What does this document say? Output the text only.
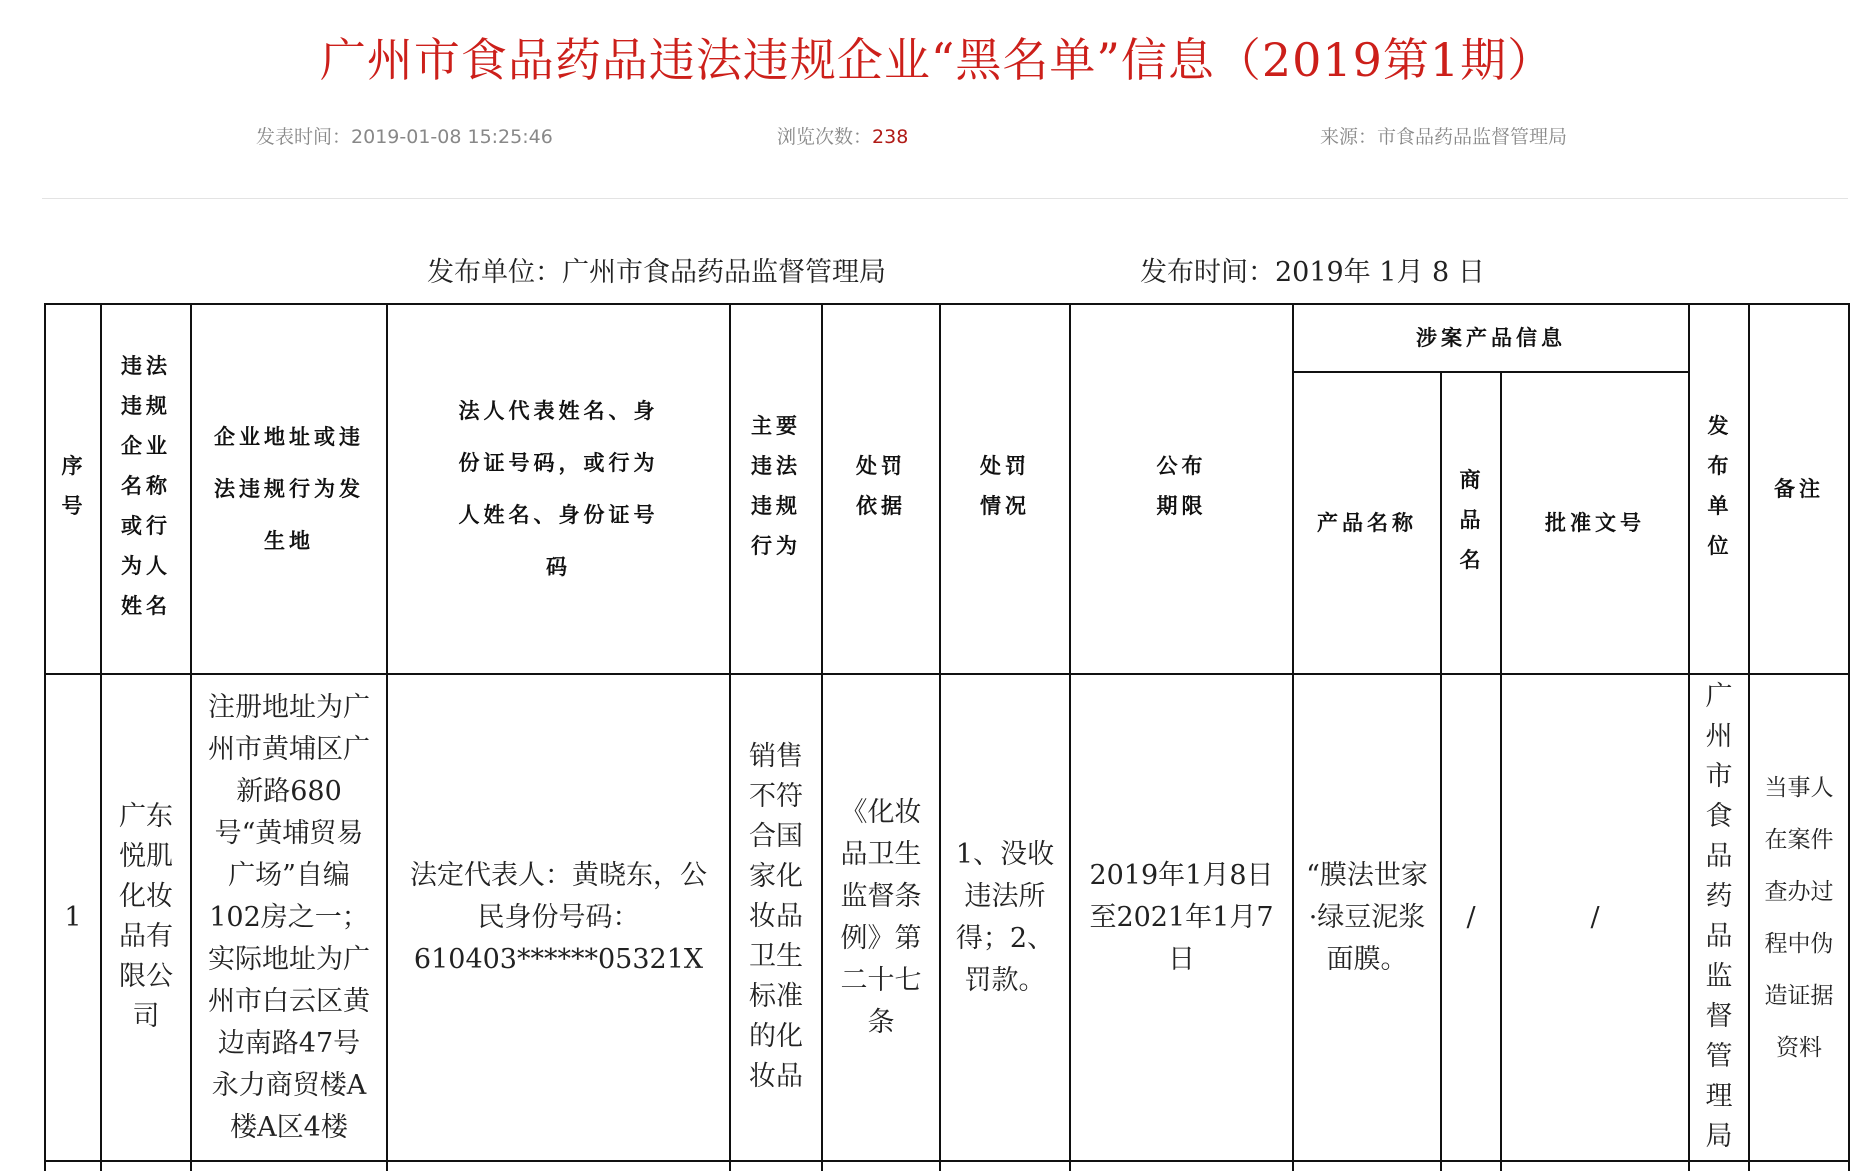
广州市食品药品违法违规企业“黑名单”信息（2019第1期）
发表时间：2019-01-08 15:25:46	浏览次数：238	来源：市食品药品监督管理局
发布单位：广州市食品药品监督管理局	发布时间：2019年 1月 8 日
序号	违法违规企业名称或行为人姓名	企业地址或违法违规行为发生地	法人代表姓名、身份证号码，或行为人姓名、身份证号码	主要违法违规行为	处罚依据	处罚情况	公布期限	涉案产品信息			发布单位	备注
								产品名称	商品名	批准文号		
1	广东悦肌化妆品有限公司	注册地址为广州市黄埔区广新路680号“黄埔贸易广场”自编102房之一；实际地址为广州市白云区黄边南路47号永力商贸楼A楼A区4楼	法定代表人：黄晓东，公民身份号码：610403******05321X	销售不符合国家化妆品卫生标准的化妆品	《化妆品卫生监督条例》第二十七条	1、没收违法所得；2、罚款。	2019年1月8日至2021年1月7日	“膜法世家·绿豆泥浆面膜。	/	/	广州市食品药品监督管理局	当事人在案件查办过程中伪造证据资料
